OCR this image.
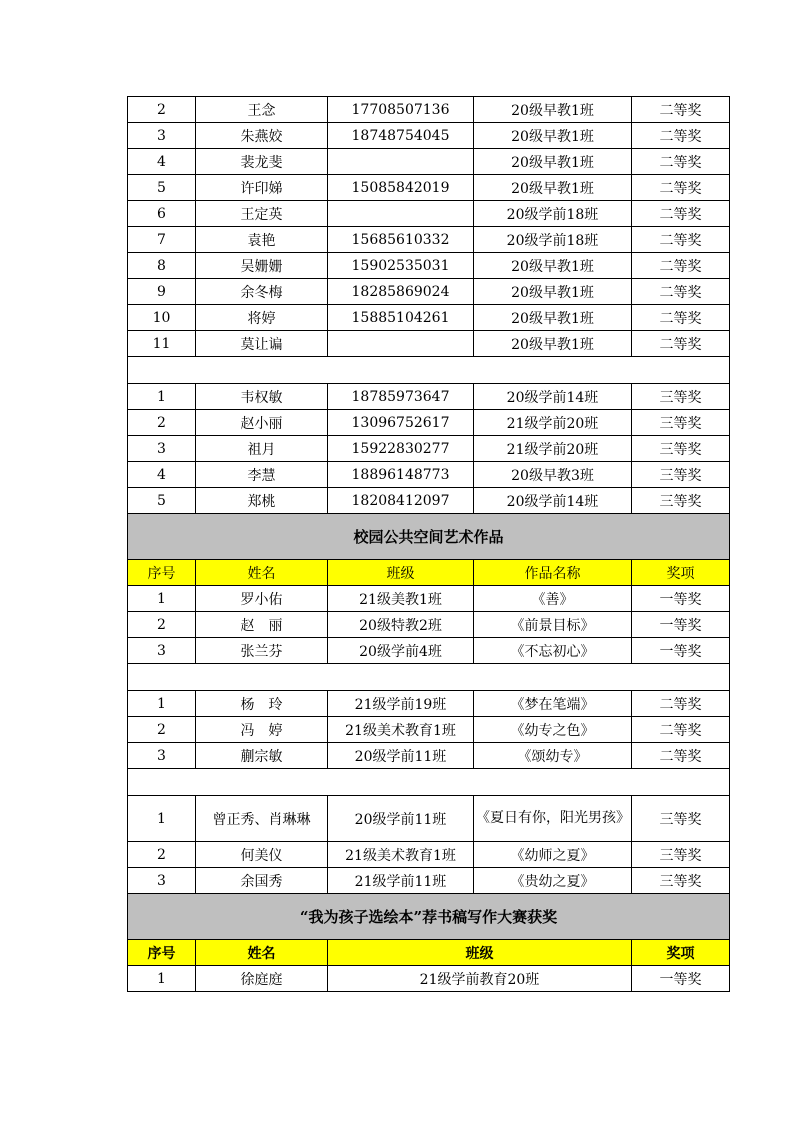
2	王念	17708507136	20级早教1班	二等奖
3	朱燕姣	18748754045	20级早教1班	二等奖
4	裴龙斐		20级早教1班	二等奖
5	许印娣	15085842019	20级早教1班	二等奖
6	王定英		20级学前18班	二等奖
7	袁艳	15685610332	20级学前18班	二等奖
8	吴姗姗	15902535031	20级早教1班	二等奖
9	余冬梅	18285869024	20级早教1班	二等奖
10	将婷	15885104261	20级早教1班	二等奖
11	莫让谝		20级早教1班	二等奖

1	韦权敏	18785973647	20级学前14班	三等奖
2	赵小丽	13096752617	21级学前20班	三等奖
3	祖月	15922830277	21级学前20班	三等奖
4	李慧	18896148773	20级早教3班	三等奖
5	郑桃	18208412097	20级学前14班	三等奖
校园公共空间艺术作品				
序号	姓名	班级	作品名称	奖项
1	罗小佑	21级美教1班	《善》	一等奖
2	赵　丽	20级特教2班	《前景目标》	一等奖
3	张兰芬	20级学前4班	《不忘初心》	一等奖

1	杨　玲	21级学前19班	《梦在笔端》	二等奖
2	冯　婷	21级美术教育1班	《幼专之色》	二等奖
3	蒯宗敏	20级学前11班	《颂幼专》	二等奖

1	曾正秀、肖琳琳	20级学前11班	《夏日有你，阳光男孩》	三等奖
2	何美仪	21级美术教育1班	《幼师之夏》	三等奖
3	余国秀	21级学前11班	《贵幼之夏》	三等奖
“我为孩子选绘本”荐书稿写作大赛获奖				
序号	姓名	班级		奖项
1	徐庭庭	21级学前教育20班		一等奖
